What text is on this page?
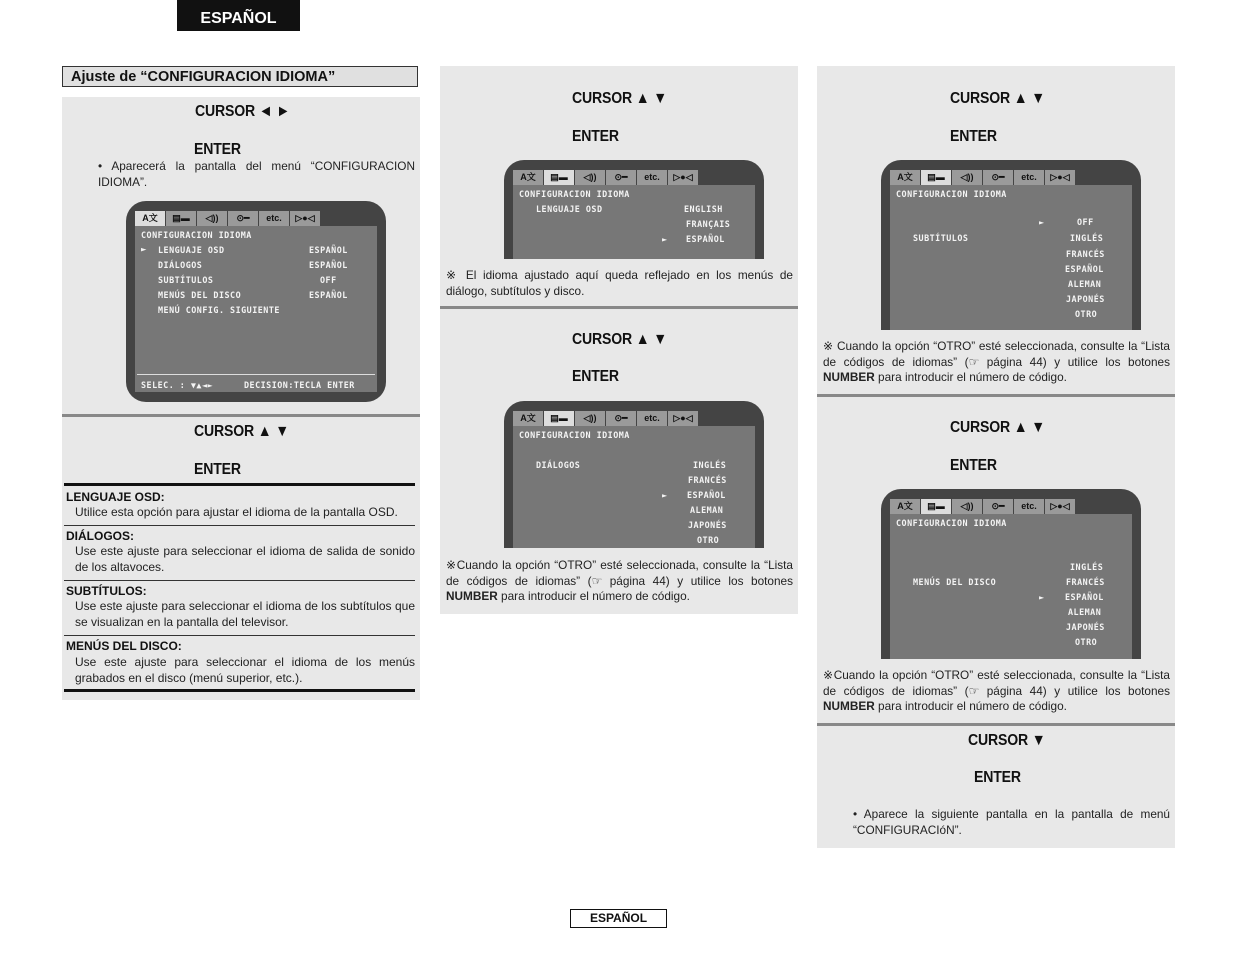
ESPAÑOL
ESPAÑOL
Ajuste de “CONFIGURACION IDIOMA”
CURSOR ◄ ►
ENTER
• Aparecerá la pantalla del menú “CONFIGURACION IDIOMA”.
A文	▤▬	◁))	⊙━	etc.	▷●◁
CONFIGURACION IDIOMA
► LENGUAJE OSD	ESPAÑOL
DIÁLOGOS	ESPAÑOL
SUBTÍTULOS	OFF
MENÚS DEL DISCO	ESPAÑOL
MENÚ CONFIG. SIGUIENTE
SELEC. : ▼▲◄►	DECISION:TECLA ENTER
CURSOR ▲ ▼
ENTER
LENGUAJE OSD:
Utilice esta opción para ajustar el idioma de la pantalla OSD.
DIÁLOGOS:
Use este ajuste para seleccionar el idioma de salida de sonido de los altavoces.
SUBTÍTULOS:
Use este ajuste para seleccionar el idioma de los subtítulos que se visualizan en la pantalla del televisor.
MENÚS DEL DISCO:
Use este ajuste para seleccionar el idioma de los menús grabados en el disco (menú superior, etc.).
CURSOR ▲ ▼
ENTER
A文	▤▬	◁))	⊙━	etc.	▷●◁
CONFIGURACION IDIOMA
LENGUAJE OSD	ENGLISH
FRANÇAIS
► ESPAÑOL
※ El idioma ajustado aquí queda reflejado en los menús de diálogo, subtítulos y disco.
CURSOR ▲ ▼
ENTER
A文	▤▬	◁))	⊙━	etc.	▷●◁
CONFIGURACION IDIOMA
DIÁLOGOS	INGLÉS
FRANCÉS
► ESPAÑOL
ALEMAN
JAPONÉS
OTRO
※Cuando la opción “OTRO” esté seleccionada, consulte la “Lista de códigos de idiomas” (☞ página 44) y utilice los botones NUMBER para introducir el número de código.
CURSOR ▲ ▼
ENTER
A文	▤▬	◁))	⊙━	etc.	▷●◁
CONFIGURACION IDIOMA
►	OFF
SUBTÍTULOS	INGLÉS
FRANCÉS
ESPAÑOL
ALEMAN
JAPONÉS
OTRO
※ Cuando la opción “OTRO” esté seleccionada, consulte la “Lista de códigos de idiomas” (☞ página 44) y utilice los botones NUMBER para introducir el número de código.
CURSOR ▲ ▼
ENTER
A文	▤▬	◁))	⊙━	etc.	▷●◁
CONFIGURACION IDIOMA
INGLÉS
MENÚS DEL DISCO	FRANCÉS
► ESPAÑOL
ALEMAN
JAPONÉS
OTRO
※Cuando la opción “OTRO” esté seleccionada, consulte la “Lista de códigos de idiomas” (☞ página 44) y utilice los botones NUMBER para introducir el número de código.
CURSOR ▼
ENTER
• Aparece la siguiente pantalla en la pantalla de menú “CONFIGURACIóN”.
